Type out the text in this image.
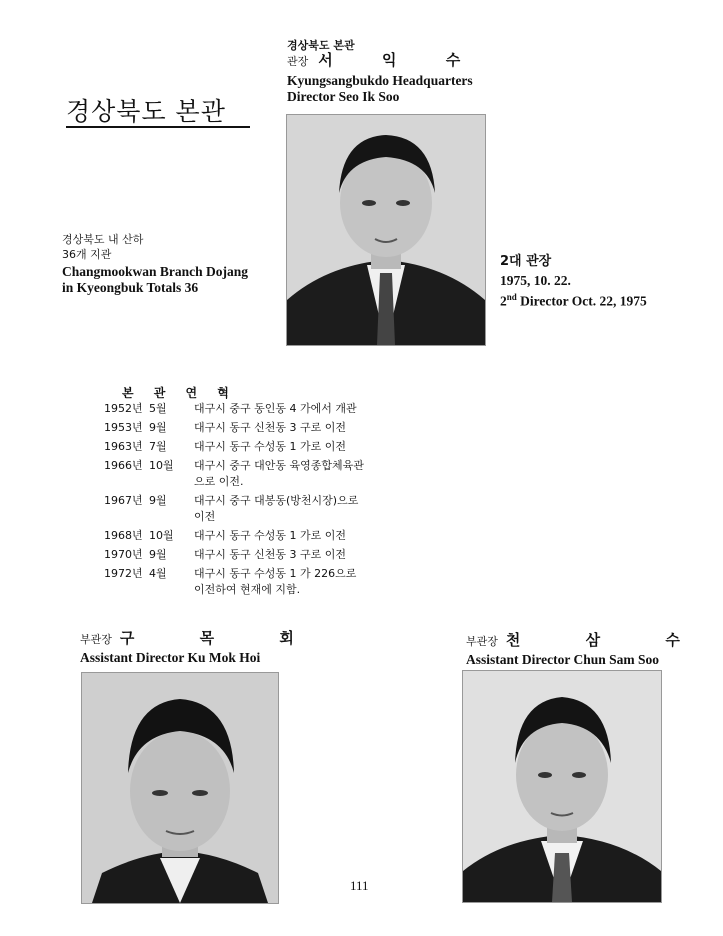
경상북도 본관
경상북도 본관
관장 서 익 수
Kyungsangbukdo Headquarters
Director Seo Ik Soo
경상북도 내 산하
36개 지관
Changmookwan Branch Dojang
in Kyeongbuk Totals 36
2대 관장
1975, 10. 22.
2nd Director Oct. 22, 1975
본 관 연 혁
1952년 5월	대구시 중구 동인동 4 가에서 개관
1953년 9월	대구시 동구 신천동 3 구로 이전
1963년 7월	대구시 동구 수성동 1 가로 이전
1966년 10월	대구시 중구 대안동 육영종합체육관
으로 이전.
1967년 9월	대구시 중구 대봉동(방천시장)으로
이전
1968년 10월	대구시 동구 수성동 1 가로 이전
1970년 9월	대구시 동구 신천동 3 구로 이전
1972년 4월	대구시 동구 수성동 1 가 226으로
이전하여 현재에 지함.
부관장 구 목 회
Assistant Director Ku Mok Hoi
부관장 천 삼 수
Assistant Director Chun Sam Soo
111
